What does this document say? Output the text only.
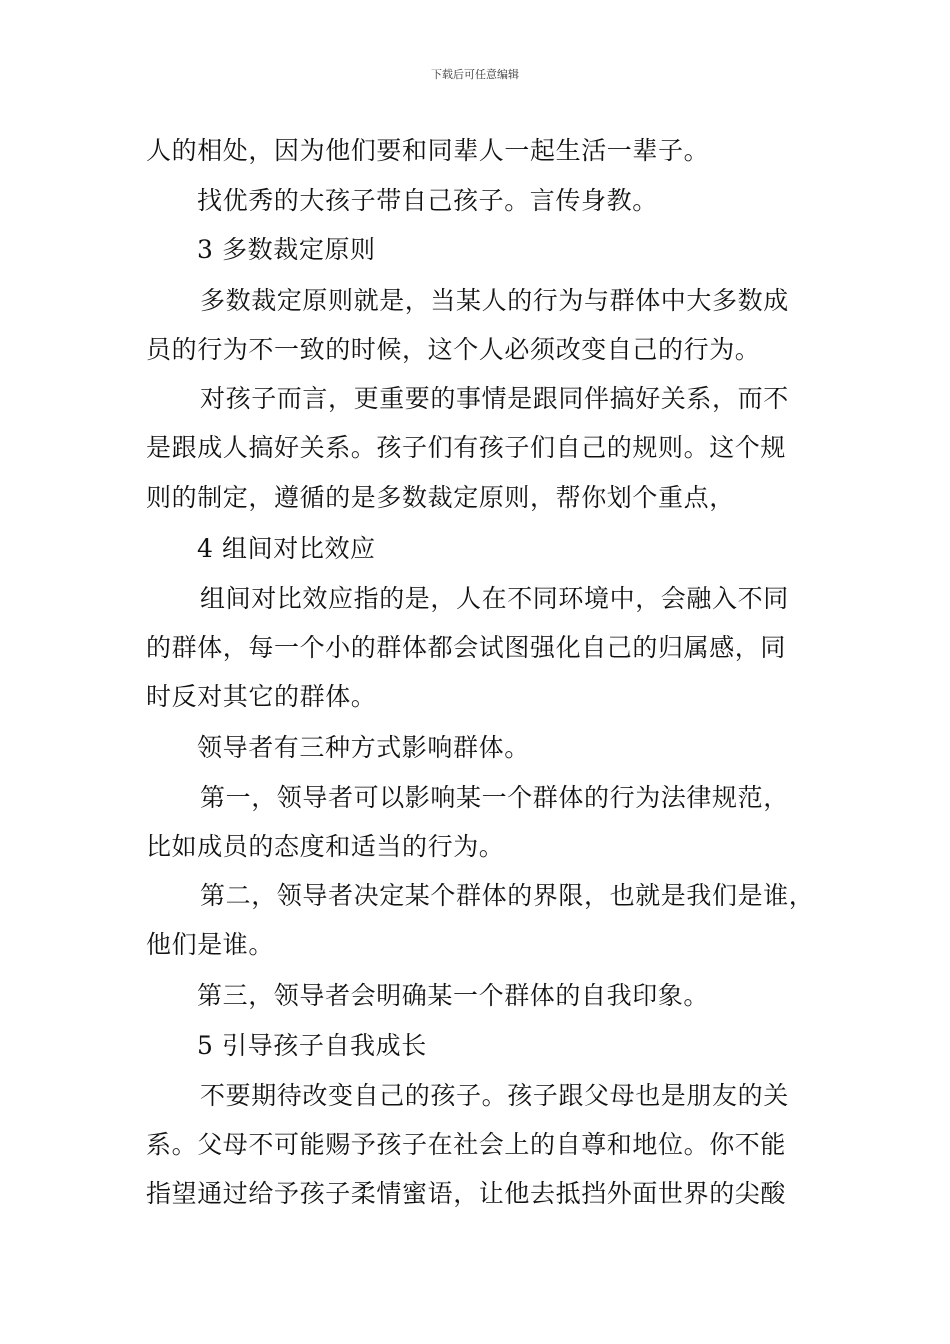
下载后可任意编辑
人的相处，因为他们要和同辈人一起生活一辈子。
找优秀的大孩子带自己孩子。言传身教。
3 多数裁定原则
多数裁定原则就是，当某人的行为与群体中大多数成
员的行为不一致的时候，这个人必须改变自己的行为。
对孩子而言，更重要的事情是跟同伴搞好关系，而不
是跟成人搞好关系。孩子们有孩子们自己的规则。这个规
则的制定，遵循的是多数裁定原则，帮你划个重点，
4 组间对比效应
组间对比效应指的是，人在不同环境中，会融入不同
的群体，每一个小的群体都会试图强化自己的归属感，同
时反对其它的群体。
领导者有三种方式影响群体。
第一，领导者可以影响某一个群体的行为法律规范，
比如成员的态度和适当的行为。
第二，领导者决定某个群体的界限，也就是我们是谁，
他们是谁。
第三，领导者会明确某一个群体的自我印象。
5 引导孩子自我成长
不要期待改变自己的孩子。孩子跟父母也是朋友的关
系。父母不可能赐予孩子在社会上的自尊和地位。你不能
指望通过给予孩子柔情蜜语，让他去抵挡外面世界的尖酸
